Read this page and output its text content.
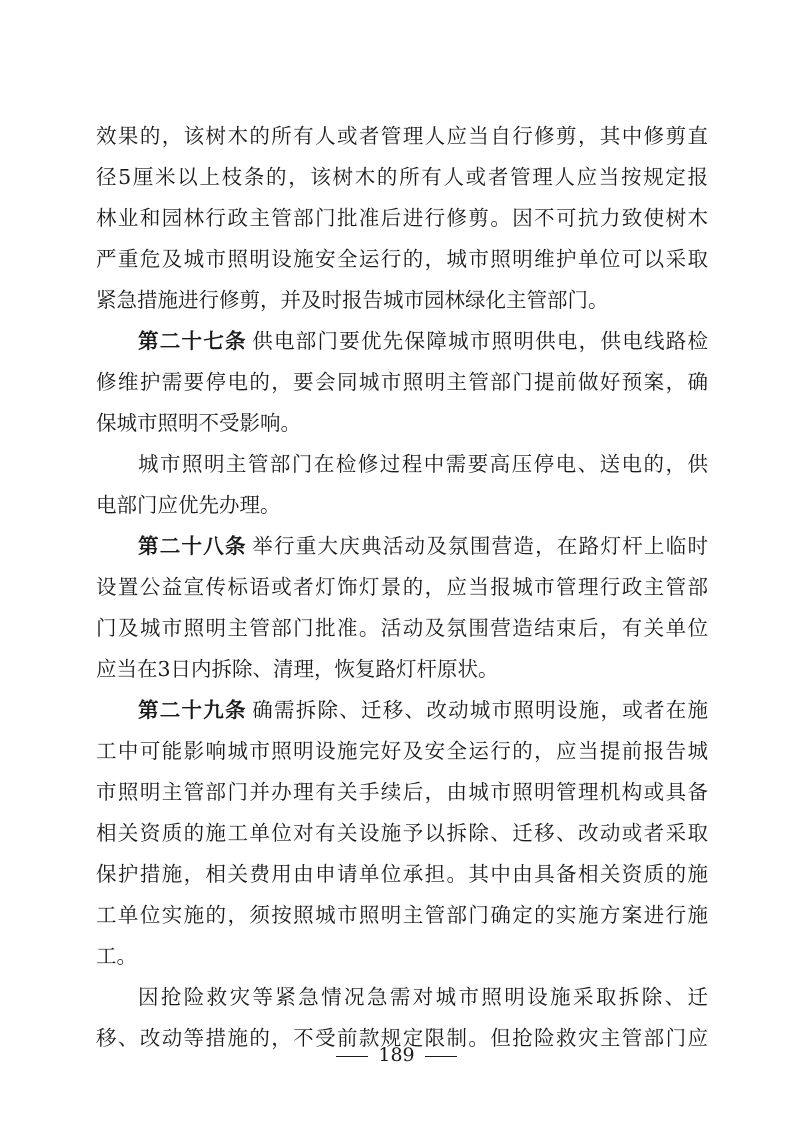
效果的，该树木的所有人或者管理人应当自行修剪，其中修剪直
径5厘米以上枝条的，该树木的所有人或者管理人应当按规定报
林业和园林行政主管部门批准后进行修剪。因不可抗力致使树木
严重危及城市照明设施安全运行的，城市照明维护单位可以采取
紧急措施进行修剪，并及时报告城市园林绿化主管部门。
第二十七条  供电部门要优先保障城市照明供电，供电线路检
修维护需要停电的，要会同城市照明主管部门提前做好预案，确
保城市照明不受影响。
城市照明主管部门在检修过程中需要高压停电、送电的，供
电部门应优先办理。
第二十八条  举行重大庆典活动及氛围营造，在路灯杆上临时
设置公益宣传标语或者灯饰灯景的，应当报城市管理行政主管部
门及城市照明主管部门批准。活动及氛围营造结束后，有关单位
应当在3日内拆除、清理，恢复路灯杆原状。
第二十九条  确需拆除、迁移、改动城市照明设施，或者在施
工中可能影响城市照明设施完好及安全运行的，应当提前报告城
市照明主管部门并办理有关手续后，由城市照明管理机构或具备
相关资质的施工单位对有关设施予以拆除、迁移、改动或者采取
保护措施，相关费用由申请单位承担。其中由具备相关资质的施
工单位实施的，须按照城市照明主管部门确定的实施方案进行施
工。
因抢险救灾等紧急情况急需对城市照明设施采取拆除、迁
移、改动等措施的，不受前款规定限制。但抢险救灾主管部门应
189
